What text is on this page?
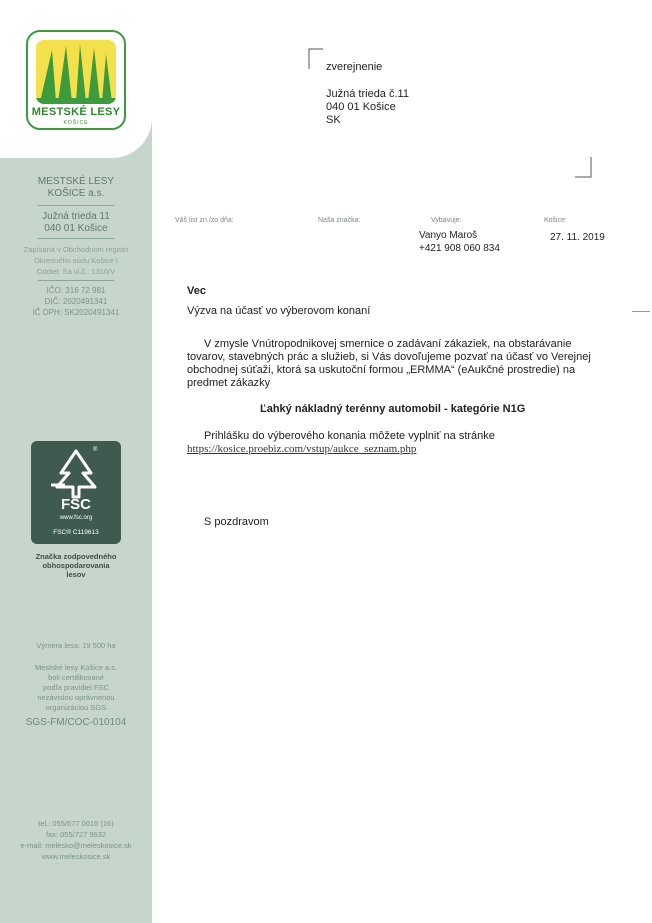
MESTSKÉ LESY
KOŠICE
MESTSKÉ LESY
KOŠICE a.s.
Južná trieda 11
040 01 Košice
Zapísaná v Obchodnom registri
Okresného súdu Košice I
Oddiel: Sa vl.č.: 1310/V
IČO: 316 72 981
DIČ: 2020491341
IČ DPH: SK2020491341
®
FSC
www.fsc.org
FSC® C119613
Značka zodpovedného
obhospodarovania
lesov
Výmera lesa: 19 500 ha
Mestské lesy Košice a.s.
boli certifikované
podľa pravidiel FSC
nezávislou oprávnenou
organizáciou SGS
SGS-FM/COC-010104
tel.: 055/677 0015 (16)
fax: 055/727 9632
e-mail: melesko@meleskosice.sk
www.meleskosice.sk
zverejnenie
Južná trieda č.11
040 01 Košice
SK
Váš list zn./zo dňa:	Naša značka:	Vybavuje:	Košice:
Vanyo Maroš
+421 908 060 834
27. 11. 2019
Vec
Výzva na účasť vo výberovom konaní
V zmysle Vnútropodnikovej smernice o zadávaní zákaziek, na obstarávanie
tovarov, stavebných prác a služieb, si Vás dovoľujeme pozvať na účasť vo Verejnej
obchodnej súťaži, ktorá sa uskutoční formou „ERMMA“ (eAukčné prostredie) na
predmet zákazky
Ľahký nákladný terénny automobil - kategórie N1G
Prihlášku do výberového konania môžete vyplniť na stránke
https://kosice.proebiz.com/vstup/aukce_seznam.php
S pozdravom
